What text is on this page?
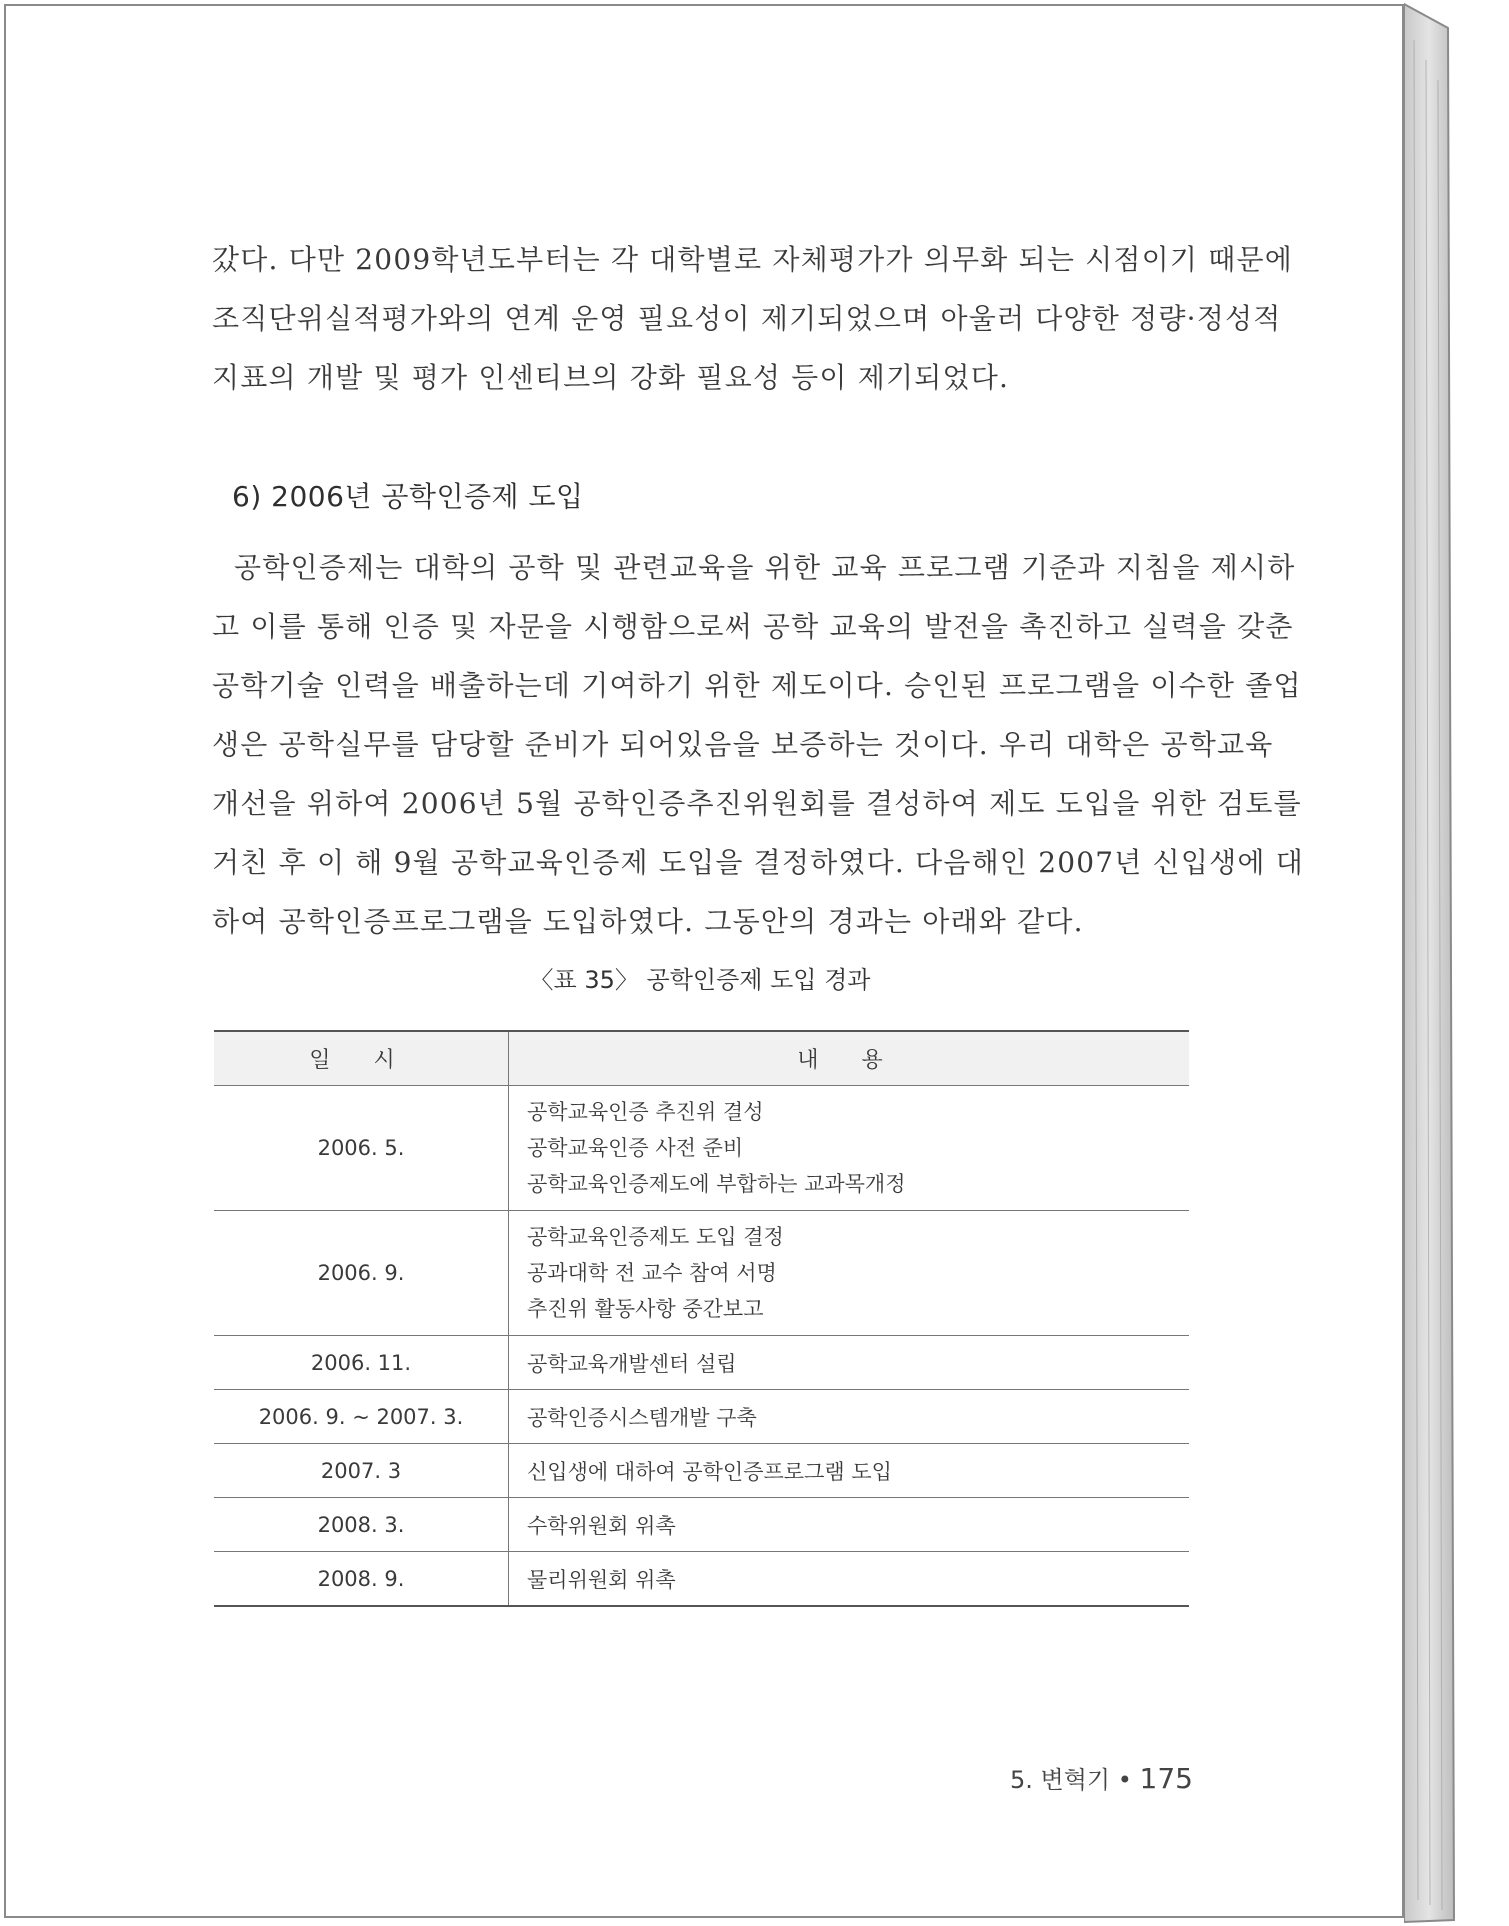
갔다. 다만 2009학년도부터는 각 대학별로 자체평가가 의무화 되는 시점이기 때문에
조직단위실적평가와의 연계 운영 필요성이 제기되었으며 아울러 다양한 정량·정성적
지표의 개발 및 평가 인센티브의 강화 필요성 등이 제기되었다.

6) 2006년 공학인증제 도입

공학인증제는 대학의 공학 및 관련교육을 위한 교육 프로그램 기준과 지침을 제시하
고 이를 통해 인증 및 자문을 시행함으로써 공학 교육의 발전을 촉진하고 실력을 갖춘
공학기술 인력을 배출하는데 기여하기 위한 제도이다. 승인된 프로그램을 이수한 졸업
생은 공학실무를 담당할 준비가 되어있음을 보증하는 것이다. 우리 대학은 공학교육
개선을 위하여 2006년 5월 공학인증추진위원회를 결성하여 제도 도입을 위한 검토를
거친 후 이 해 9월 공학교육인증제 도입을 결정하였다. 다음해인 2007년 신입생에 대
하여 공학인증프로그램을 도입하였다. 그동안의 경과는 아래와 같다.

〈표 35〉 공학인증제 도입 경과
일 시	내 용
2006. 5.	공학교육인증 추진위 결성
공학교육인증 사전 준비
공학교육인증제도에 부합하는 교과목개정

2006. 9.	공학교육인증제도 도입 결정
공과대학 전 교수 참여 서명
추진위 활동사항 중간보고

2006. 11.	공학교육개발센터 설립
2006. 9. ~ 2007. 3.	공학인증시스템개발 구축
2007. 3	신입생에 대하여 공학인증프로그램 도입
2008. 3.	수학위원회 위촉
2008. 9.	물리위원회 위촉
5. 변혁기 • 175
